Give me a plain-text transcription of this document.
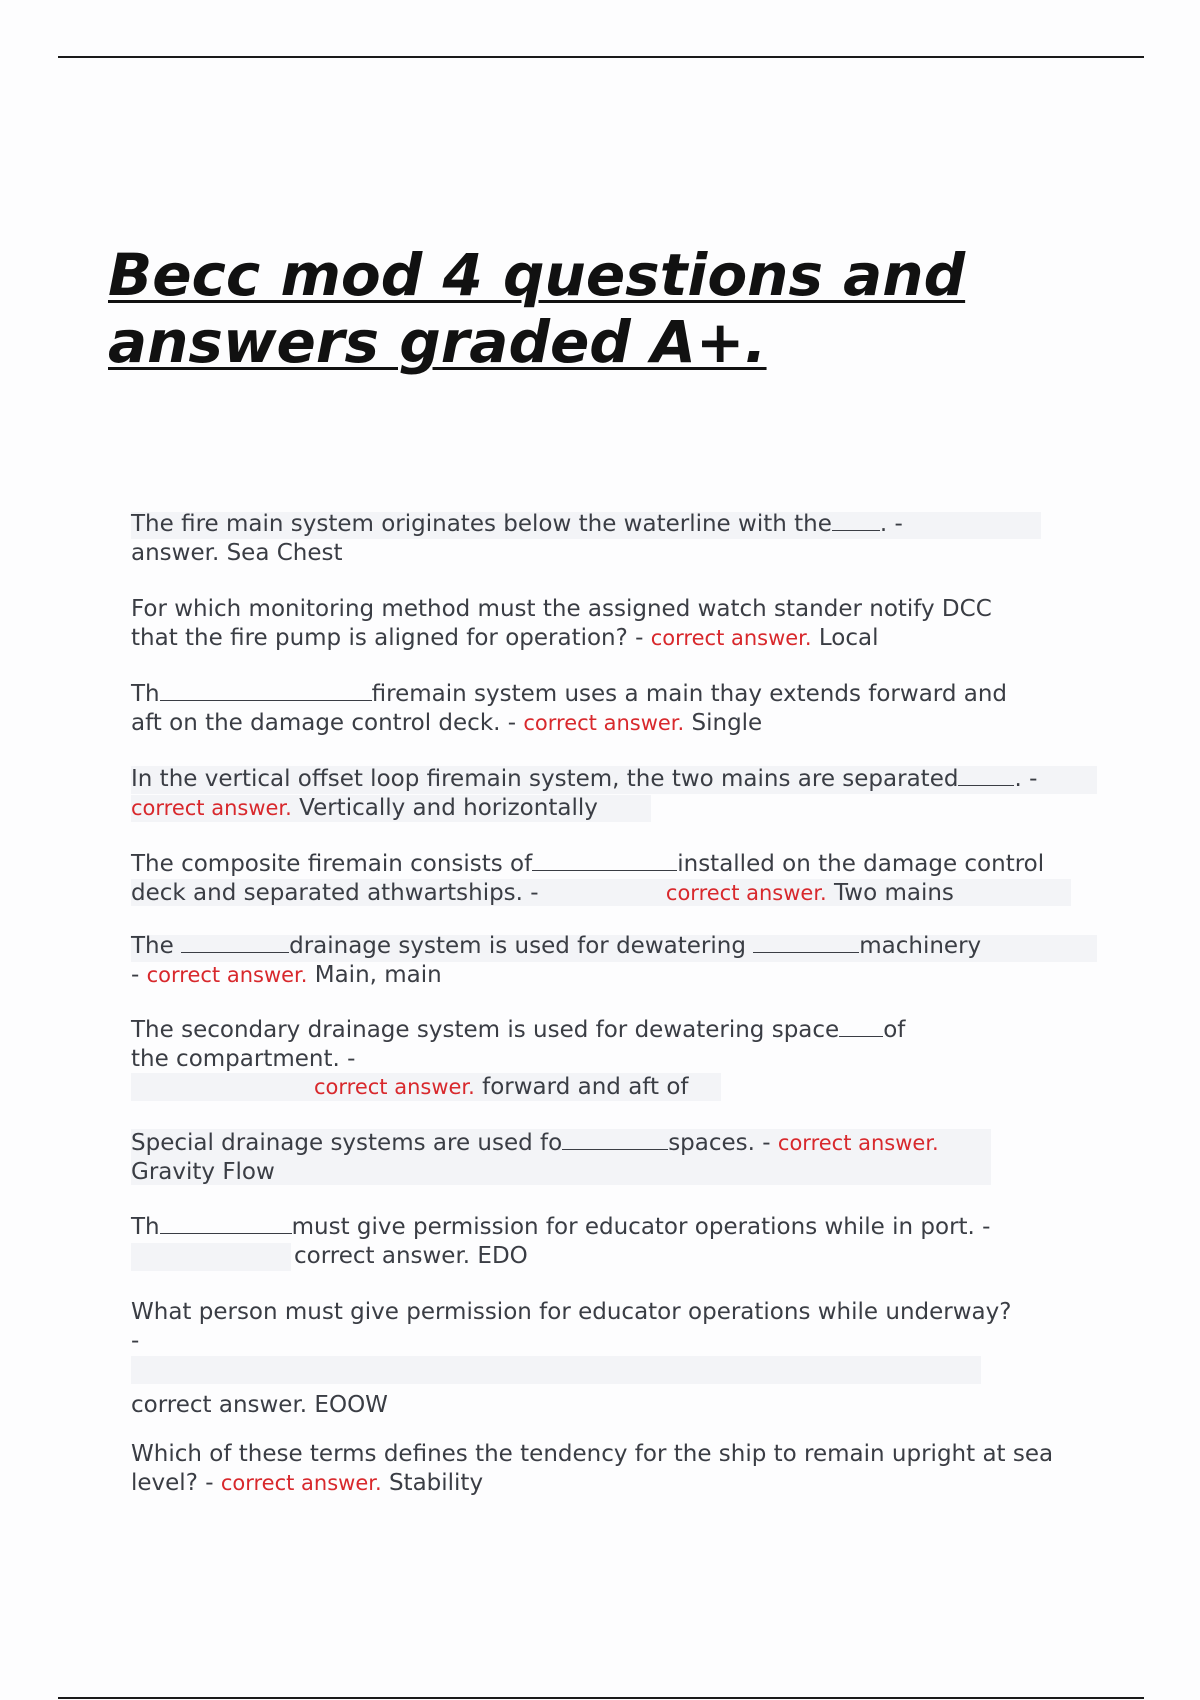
Becc mod 4 questions and
answers graded A+.
The fire main system originates below the waterline with the . -
answer. Sea Chest
For which monitoring method must the assigned watch stander notify DCC
that the fire pump is aligned for operation? - correct answer. Local
Th	firemain system uses a main thay extends forward and
aft on the damage control deck. - correct answer. Single
In the vertical offset loop firemain system, the two mains are separated . -
correct answer. Vertically and horizontally
The composite firemain consists of	installed on the damage control
deck and separated athwartships. -	correct answer. Two mains
The	drainage system is used for dewatering	machinery
- correct answer. Main, main
The secondary drainage system is used for dewatering space of
the compartment. -
correct answer. forward and aft of
Special drainage systems are used fo	spaces. - correct answer.
Gravity Flow
Th	must give permission for educator operations while in port. -
correct answer. EDO
What person must give permission for educator operations while underway?
-

correct answer. EOOW
Which of these terms defines the tendency for the ship to remain upright at sea
level? - correct answer. Stability
